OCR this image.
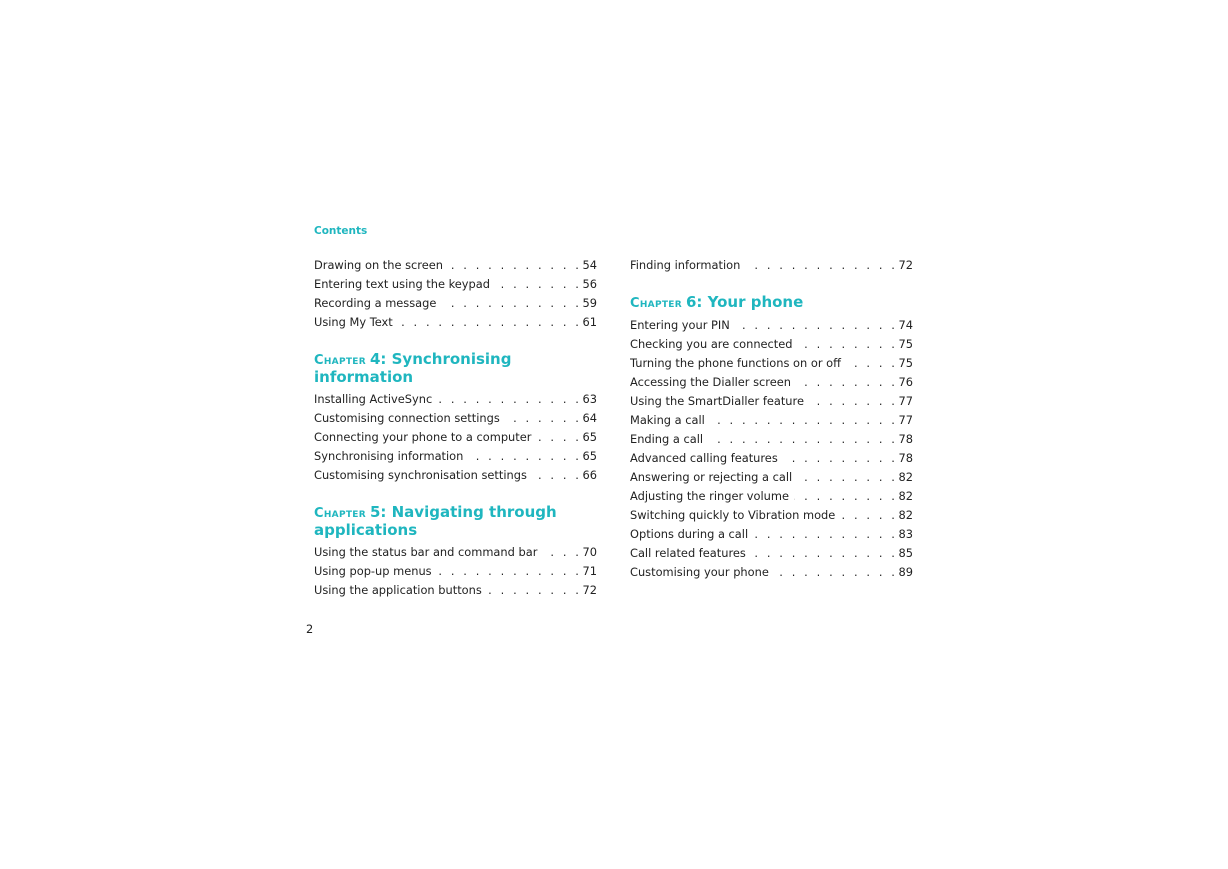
Contents
. . .
Drawing on the screen	54
. . .
Entering text using the keypad	56
. . .
Recording a message	59
. . .
Using My Text	61
Chapter 4: Synchronising information
. . .
Installing ActiveSync	63
. . .
Customising connection settings	64
. . .
Connecting your phone to a computer	65
. . .
Synchronising information	65
. . .
Customising synchronisation settings	66
Chapter 5: Navigating through applications
. . .
Using the status bar and command bar	70
. . .
Using pop-up menus	71
. . .
Using the application buttons	72
. . .
Finding information	72
Chapter 6: Your phone
. . .
Entering your PIN	74
. . .
Checking you are connected	75
. . .
Turning the phone functions on or off	75
. . .
Accessing the Dialler screen	76
. . .
Using the SmartDialler feature	77
. . .
Making a call	77
. . .
Ending a call	78
. . .
Advanced calling features	78
. . .
Answering or rejecting a call	82
. . .
Adjusting the ringer volume	82
. . .
Switching quickly to Vibration mode	82
. . .
Options during a call	83
. . .
Call related features	85
. . .
Customising your phone	89
2
